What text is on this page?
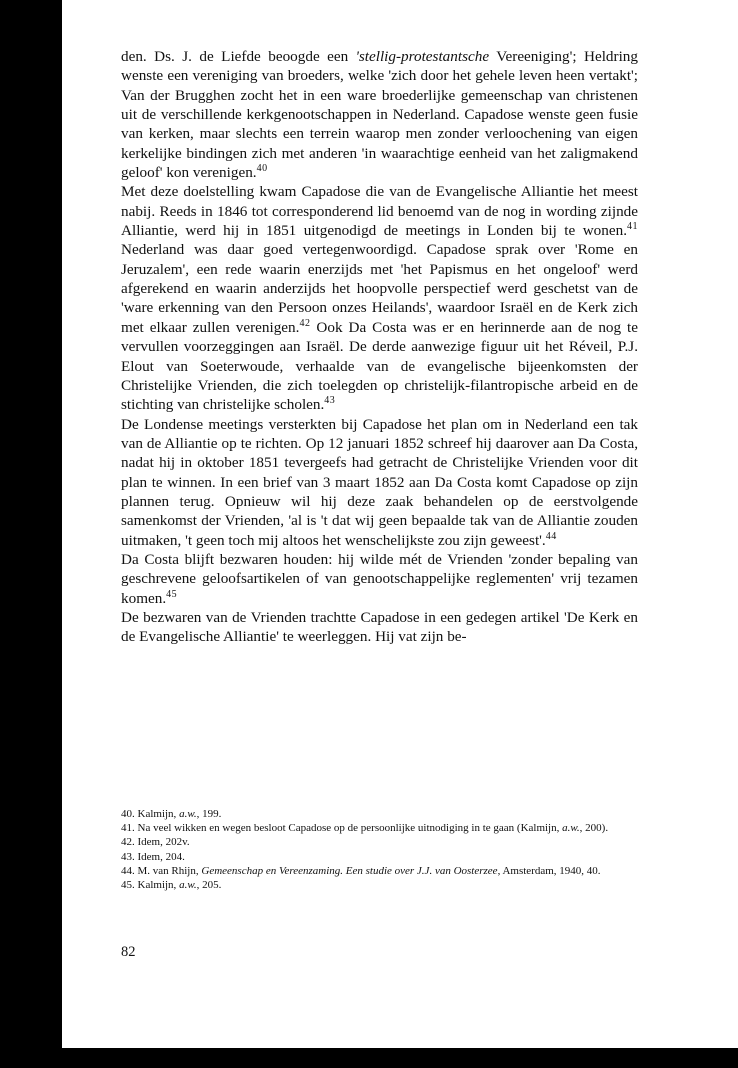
den. Ds. J. de Liefde beoogde een 'stellig-protestantsche Vereeniging'; Heldring wenste een vereniging van broeders, welke 'zich door het gehele leven heen vertakt'; Van der Brugghen zocht het in een ware broederlijke gemeenschap van christenen uit de verschillende kerkgenootschappen in Nederland. Capadose wenste geen fusie van kerken, maar slechts een terrein waarop men zonder verloochening van eigen kerkelijke bindingen zich met anderen 'in waarachtige eenheid van het zaligmakend geloof' kon verenigen.$^{40}$

Met deze doelstelling kwam Capadose die van de Evangelische Alliantie het meest nabij. Reeds in 1846 tot corresponderend lid benoemd van de nog in wording zijnde Alliantie, werd hij in 1851 uitgenodigd de meetings in Londen bij te wonen.$^{41}$ Nederland was daar goed vertegenwoordigd. Capadose sprak over 'Rome en Jeruzalem', een rede waarin enerzijds met 'het Papismus en het ongeloof' werd afgerekend en waarin anderzijds het hoopvolle perspectief werd geschetst van de 'ware erkenning van den Persoon onzes Heilands', waardoor Israël en de Kerk zich met elkaar zullen verenigen.$^{42}$ Ook Da Costa was er en herinnerde aan de nog te vervullen voorzeggingen aan Israël. De derde aanwezige figuur uit het Réveil, P.J. Elout van Soeterwoude, verhaalde van de evangelische bijeenkomsten der Christelijke Vrienden, die zich toelegden op christelijk-filantropische arbeid en de stichting van christelijke scholen.$^{43}$

De Londense meetings versterkten bij Capadose het plan om in Nederland een tak van de Alliantie op te richten. Op 12 januari 1852 schreef hij daarover aan Da Costa, nadat hij in oktober 1851 tevergeefs had getracht de Christelijke Vrienden voor dit plan te winnen. In een brief van 3 maart 1852 aan Da Costa komt Capadose op zijn plannen terug. Opnieuw wil hij deze zaak behandelen op de eerstvolgende samenkomst der Vrienden, 'al is 't dat wij geen bepaalde tak van de Alliantie zouden uitmaken, 't geen toch mij altoos het wenschelijkste zou zijn geweest'.$^{44}$

Da Costa blijft bezwaren houden: hij wilde mét de Vrienden 'zonder bepaling van geschrevene geloofsartikelen of van genootschappelijke reglementen' vrij tezamen komen.$^{45}$

De bezwaren van de Vrienden trachtte Capadose in een gedegen artikel 'De Kerk en de Evangelische Alliantie' te weerleggen. Hij vat zijn be-

40. Kalmijn, a.w., 199.
41. Na veel wikken en wegen besloot Capadose op de persoonlijke uitnodiging in te gaan (Kalmijn, a.w., 200).
42. Idem, 202v.
43. Idem, 204.
44. M. van Rhijn, Gemeenschap en Vereenzaming. Een studie over J.J. van Oosterzee, Amsterdam, 1940, 40.
45. Kalmijn, a.w., 205.
82
